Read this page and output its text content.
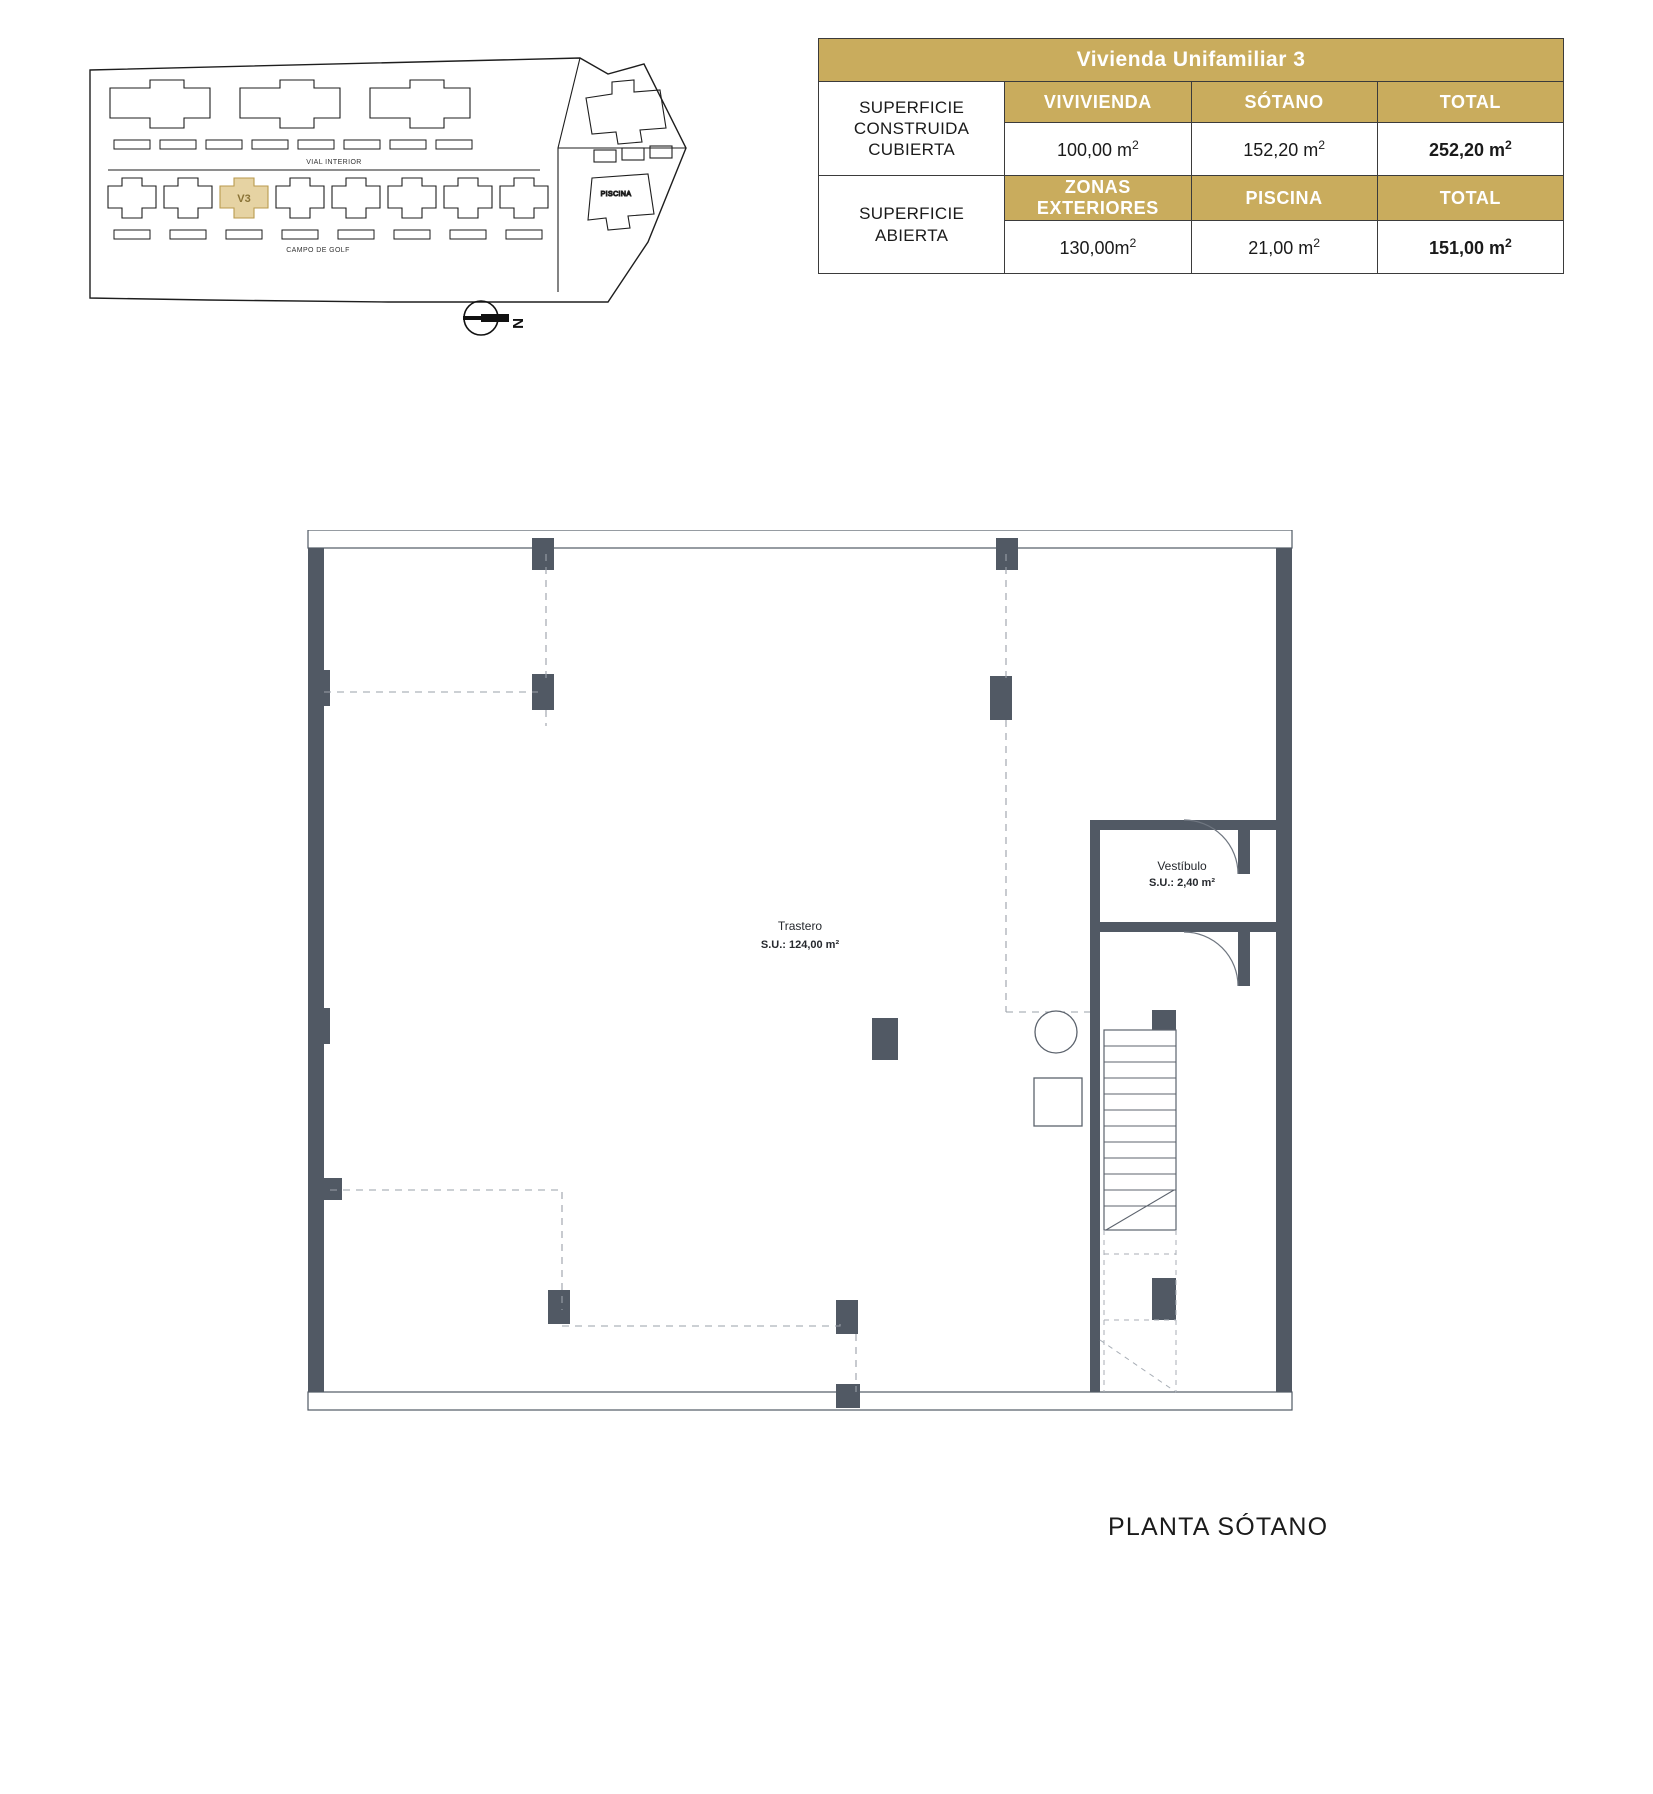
VIAL INTERIOR
V3
CAMPO DE GOLF
PISCINA
N
Vivienda Unifamiliar 3			
SUPERFICIE CONSTRUIDA CUBIERTA	VIVIVIENDA	SÓTANO	TOTAL
	100,00 $m^2$	152,20 $m^2$	252,20 $m^2$
SUPERFICIE ABIERTA	ZONAS EXTERIORES	PISCINA	TOTAL
	$130,00m^2$	21,00 $m^2$	151,00 $m^2$
Trastero
S.U.: 124,00 m²
Vestíbulo
S.U.: 2,40 m²
PLANTA SÓTANO
